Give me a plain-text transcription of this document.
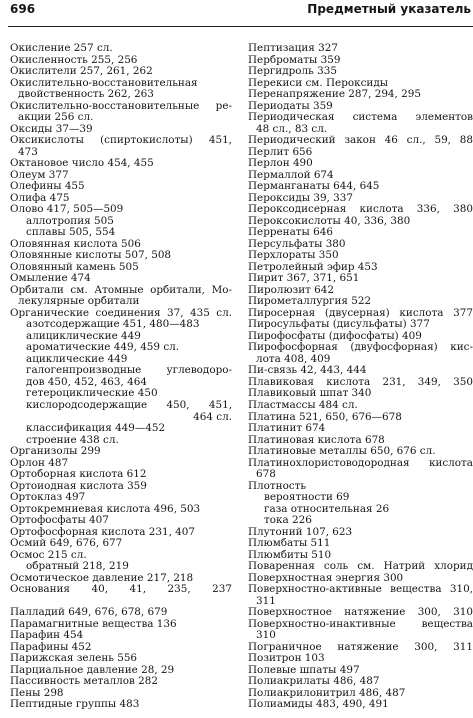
696	Предметный указатель
Окисление 257 сл.
Окисленность 255, 256
Окислители 257, 261, 262
Окислительно-восстановительная
двойственность 262, 263
Окислительно-восстановительные ре-
акции 256 сл.
Оксиды 37—39
Оксикислоты (спиртокислоты) 451,
473
Октановое число 454, 455
Олеум 377
Олефины 455
Олифа 475
Олово 417, 505—509
аллотропия 505
сплавы 505, 554
Оловянная кислота 506
Оловянные кислоты 507, 508
Оловянный камень 505
Омыление 474
Орбитали см. Атомные орбитали, Мо-
лекулярные орбитали
Органические соединения 37, 435 сл.
азотсодержащие 451, 480—483
алициклические 449
ароматические 449, 459 сл.
ациклические 449
галогенпроизводные углеводоро-
дов 450, 452, 463, 464
гетероциклические 450
кислородсодержащие 450, 451,
464 сл.
классификация 449—452
строение 438 сл.
Организолы 299
Орлон 487
Ортоборная кислота 612
Ортоиодная кислота 359
Ортоклаз 497
Ортокремниевая кислота 496, 503
Ортофосфаты 407
Ортофосфорная кислота 231, 407
Осмий 649, 676, 677
Осмос 215 сл.
обратный 218, 219
Осмотическое давление 217, 218
Основания 40, 41, 235, 237
Палладий 649, 676, 678, 679
Парамагнитные вещества 136
Парафин 454
Парафины 452
Парижская зелень 556
Парциальное давление 28, 29
Пассивность металлов 282
Пены 298
Пептидные группы 483
Пептизация 327
Перброматы 359
Пергидроль 335
Перекиси см. Пероксиды
Перенапряжение 287, 294, 295
Периодаты 359
Периодическая система элементов
48 сл., 83 сл.
Периодический закон 46 сл., 59, 88
Перлит 656
Перлон 490
Пермаллой 674
Перманганаты 644, 645
Пероксиды 39, 337
Пероксодисерная кислота 336, 380
Пероксокислоты 40, 336, 380
Перренаты 646
Персульфаты 380
Перхлораты 350
Петролейный эфир 453
Пирит 367, 371, 651
Пиролюзит 642
Пирометаллургия 522
Пиросерная (двусерная) кислота 377
Пиросульфаты (дисульфаты) 377
Пирофосфаты (дифосфаты) 409
Пирофосфорная (двуфосфорная) кис-
лота 408, 409
Пи-связь 42, 443, 444
Плавиковая кислота 231, 349, 350
Плавиковый шпат 340
Пластмассы 484 сл.
Платина 521, 650, 676—678
Платинит 674
Платиновая кислота 678
Платиновые металлы 650, 676 сл.
Платинохлористоводородная кислота
678
Плотность
вероятности 69
газа относительная 26
тока 226
Плутоний 107, 623
Плюмбаты 511
Плюмбиты 510
Поваренная соль см. Натрий хлорид
Поверхностная энергия 300
Поверхностно-активные вещества 310,
311
Поверхностное натяжение 300, 310
Поверхностно-инактивные вещества
310
Пограничное натяжение 300, 311
Позитрон 103
Полевые шпаты 497
Полиакрилаты 486, 487
Полиакрилонитрил 486, 487
Полиамиды 483, 490, 491
